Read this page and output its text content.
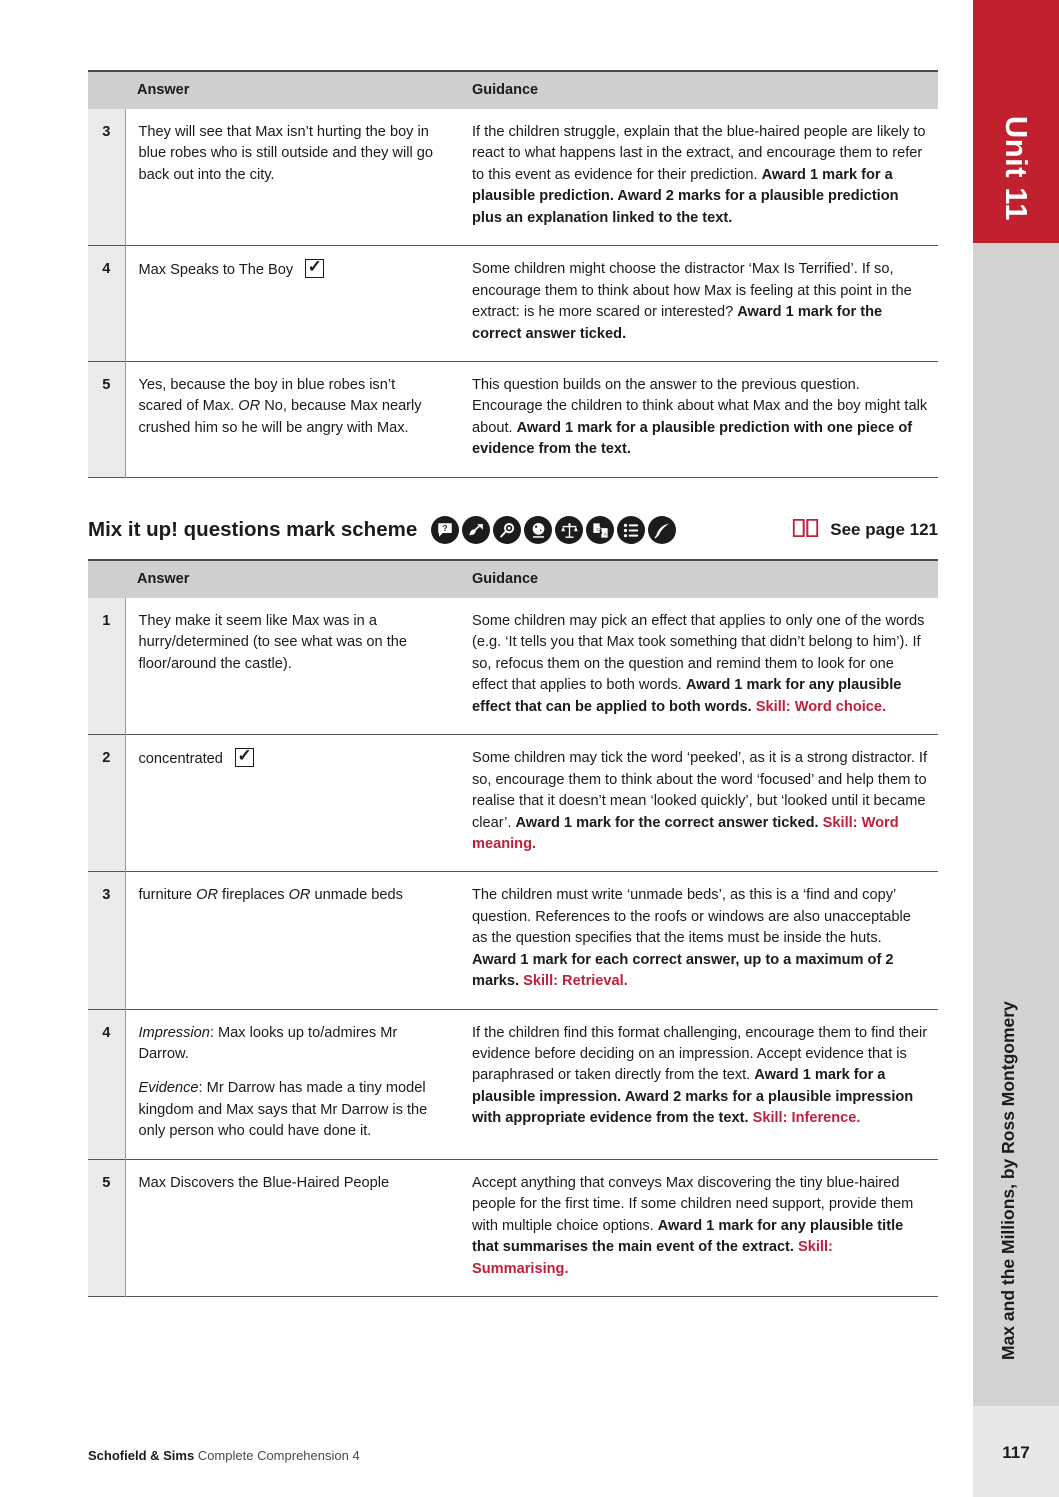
	Answer	Guidance
3	They will see that Max isn’t hurting the boy in blue robes who is still outside and they will go back out into the city.	If the children struggle, explain that the blue-haired people are likely to react to what happens last in the extract, and encourage them to refer to this event as evidence for their prediction. Award 1 mark for a plausible prediction. Award 2 marks for a plausible prediction plus an explanation linked to the text.
4	Max Speaks to The Boy✓	Some children might choose the distractor ‘Max Is Terrified’. If so, encourage them to think about how Max is feeling at this point in the extract: is he more scared or interested? Award 1 mark for the correct answer ticked.
5	Yes, because the boy in blue robes isn’t scared of Max. OR No, because Max nearly crushed him so he will be angry with Max.	This question builds on the answer to the previous question. Encourage the children to think about what Max and the boy might talk about. Award 1 mark for a plausible prediction with one piece of evidence from the text.
Mix it up! questions mark scheme ?	C
A	See page 121
	Answer	Guidance
1	They make it seem like Max was in a hurry/determined (to see what was on the floor/around the castle).	Some children may pick an effect that applies to only one of the words (e.g. ‘It tells you that Max took something that didn’t belong to him’). If so, refocus them on the question and remind them to look for one effect that applies to both words. Award 1 mark for any plausible effect that can be applied to both words. Skill: Word choice.
2	concentrated✓	Some children may tick the word ‘peeked’, as it is a strong distractor. If so, encourage them to think about the word ‘focused’ and help them to realise that it doesn’t mean ‘looked quickly’, but ‘looked until it became clear’. Award 1 mark for the correct answer ticked. Skill: Word meaning.
3	furniture OR fireplaces OR unmade beds	The children must write ‘unmade beds’, as this is a ‘find and copy’ question. References to the roofs or windows are also unacceptable as the question specifies that the items must be inside the huts. Award 1 mark for each correct answer, up to a maximum of 2 marks. Skill: Retrieval.
4	Impression: Max looks up to/admires Mr Darrow.
Evidence: Mr Darrow has made a tiny model kingdom and Max says that Mr Darrow is the only person who could have done it.	If the children find this format challenging, encourage them to find their evidence before deciding on an impression. Accept evidence that is paraphrased or taken directly from the text. Award 1 mark for a plausible impression. Award 2 marks for a plausible impression with appropriate evidence from the text. Skill: Inference.
5	Max Discovers the Blue-Haired People	Accept anything that conveys Max discovering the tiny blue-haired people for the first time. If some children need support, provide them with multiple choice options. Award 1 mark for any plausible title that summarises the main event of the extract. Skill: Summarising.
Schofield & Sims Complete Comprehension 4
Unit 11
Max and the Millions, by Ross Montgomery
117
